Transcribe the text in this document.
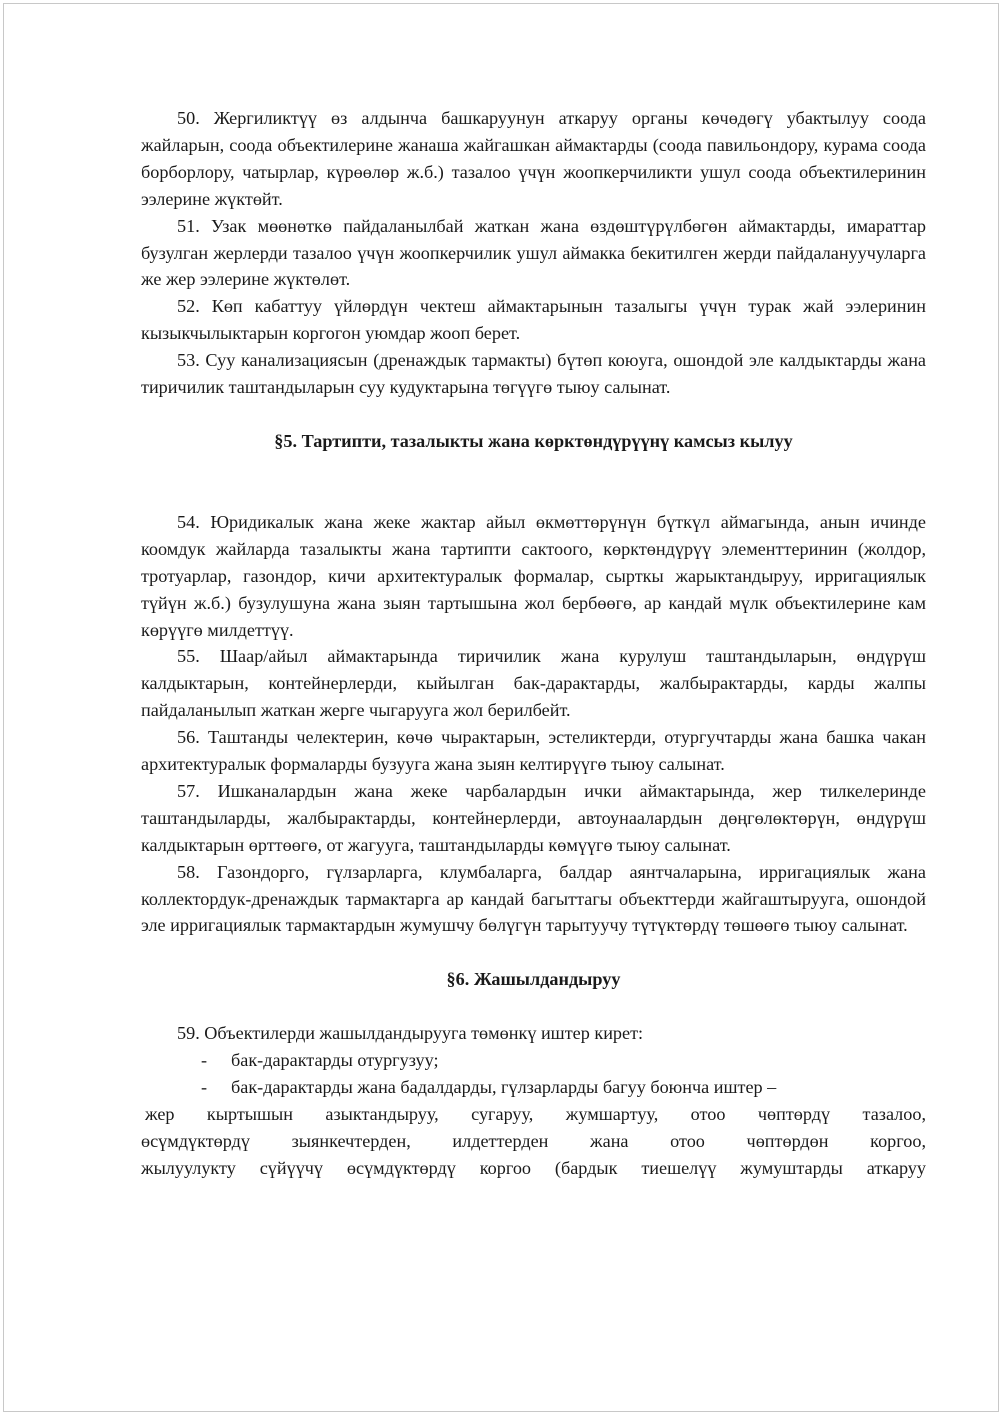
50. Жергиликтүү өз алдынча башкаруунун аткаруу органы көчөдөгү убактылуу соода жайларын, соода объектилерине жанаша жайгашкан аймактарды (соода павильондору, курама соода борборлору, чатырлар, күрөөлөр ж.б.) тазалоо үчүн жоопкерчиликти ушул соода объектилеринин ээлерине жүктөйт.

51. Узак мөөнөткө пайдаланылбай жаткан жана өздөштүрүлбөгөн аймактарды, имараттар бузулган жерлерди тазалоо үчүн жоопкерчилик ушул аймакка бекитилген жерди пайдалануучуларга же жер ээлерине жүктөлөт.

52. Көп кабаттуу үйлөрдүн чектеш аймактарынын тазалыгы үчүн турак жай ээлеринин кызыкчылыктарын коргогон уюмдар жооп берет.

53. Суу канализациясын (дренаждык тармакты) бүтөп коюуга, ошондой эле калдыктарды жана тиричилик таштандыларын суу кудуктарына төгүүгө тыюу салынат.

§5. Тартипти, тазалыкты жана көрктөндүрүүнү камсыз кылуу

54. Юридикалык жана жеке жактар айыл өкмөттөрүнүн бүткүл аймагында, анын ичинде коомдук жайларда тазалыкты жана тартипти сактоого, көрктөндүрүү элементтеринин (жолдор, тротуарлар, газондор, кичи архитектуралык формалар, сырткы жарыктандыруу, ирригациялык түйүн ж.б.) бузулушуна жана зыян тартышына жол бербөөгө, ар кандай мүлк объектилерине кам көрүүгө милдеттүү.

55. Шаар/айыл аймактарында тиричилик жана курулуш таштандыларын, өндүрүш калдыктарын, контейнерлерди, кыйылган бак-дарактарды, жалбырактарды, карды жалпы пайдаланылып жаткан жерге чыгарууга жол берилбейт.

56. Таштанды челектерин, көчө чырактарын, эстеликтерди, отургучтарды жана башка чакан архитектуралык формаларды бузууга жана зыян келтирүүгө тыюу салынат.

57. Ишканалардын жана жеке чарбалардын ички аймактарында, жер тилкелеринде таштандыларды, жалбырактарды, контейнерлерди, автоунаалардын дөңгөлөктөрүн, өндүрүш калдыктарын өрттөөгө, от жагууга, таштандыларды көмүүгө тыюу салынат.

58. Газондорго, гүлзарларга, клумбаларга, балдар аянтчаларына, ирригациялык жана коллектордук-дренаждык тармактарга ар кандай багыттагы объекттерди жайгаштырууга, ошондой эле ирригациялык тармактардын жумушчу бөлүгүн тарытуучу түтүктөрдү төшөөгө тыюу салынат.

§6. Жашылдандыруу

59. Объектилерди жашылдандырууга төмөнкү иштер кирет:

- бак-дарактарды отургузуу;

- бак-дарактарды жана бадалдарды, гүлзарларды багуу боюнча иштер –

жер кыртышын азыктандыруу, сугаруу, жумшартуу, отоо чөптөрдү тазалоо,

өсүмдүктөрдү зыянкечтерден, илдеттерден жана отоо чөптөрдөн коргоо,

жылуулукту сүйүүчү өсүмдүктөрдү коргоо (бардык тиешелүү жумуштарды аткаруу
